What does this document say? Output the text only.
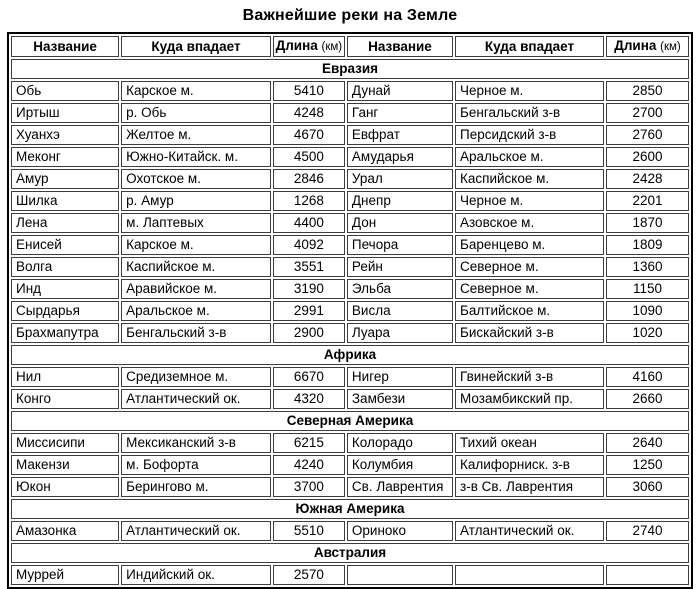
Важнейшие реки на Земле
Название	Куда впадает	Длина (км)	Название	Куда впадает	Длина (км)
Евразия					
Обь	Карское м.	5410	Дунай	Черное м.	2850
Иртыш	р. Обь	4248	Ганг	Бенгальский з-в	2700
Хуанхэ	Желтое м.	4670	Евфрат	Персидский з-в	2760
Меконг	Южно-Китайск. м.	4500	Амударья	Аральское м.	2600
Амур	Охотское м.	2846	Урал	Каспийское м.	2428
Шилка	р. Амур	1268	Днепр	Черное м.	2201
Лена	м. Лаптевых	4400	Дон	Азовское м.	1870
Енисей	Карское м.	4092	Печора	Баренцево м.	1809
Волга	Каспийское м.	3551	Рейн	Северное м.	1360
Инд	Аравийское м.	3190	Эльба	Северное м.	1150
Сырдарья	Аральское м.	2991	Висла	Балтийское м.	1090
Брахмапутра	Бенгальский з-в	2900	Луара	Бискайский з-в	1020
Африка					
Нил	Средиземное м.	6670	Нигер	Гвинейский з-в	4160
Конго	Атлантический ок.	4320	Замбези	Мозамбикский пр.	2660
Северная Америка					
Миссисипи	Мексиканский з-в	6215	Колорадо	Тихий океан	2640
Макензи	м. Бофорта	4240	Колумбия	Калифорниск. з-в	1250
Юкон	Берингово м.	3700	Св. Лаврентия	з-в Св. Лаврентия	3060
Южная Америка					
Амазонка	Атлантический ок.	5510	Ориноко	Атлантический ок.	2740
Австралия					
Муррей	Индийский ок.	2570			
